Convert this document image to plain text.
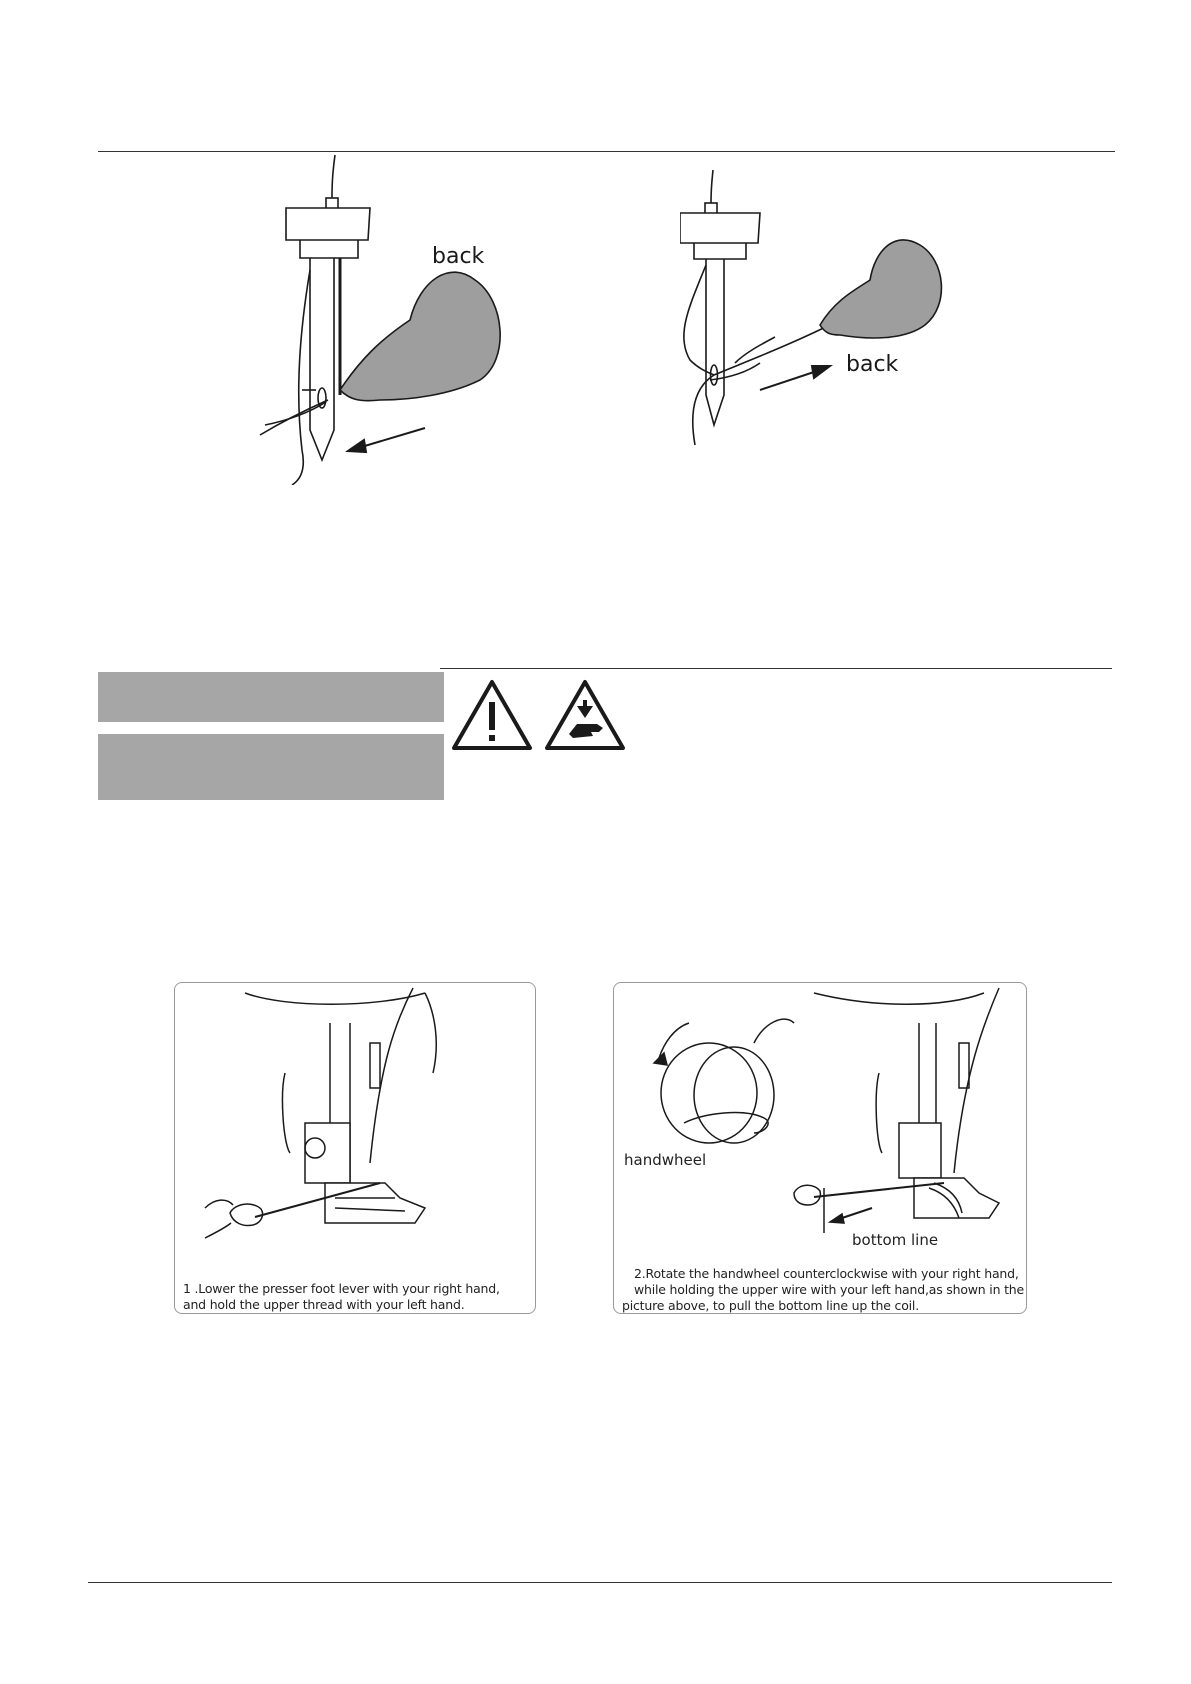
back
back
1 .Lower the presser foot lever with your right hand,
and hold the upper thread with your left hand.
handwheel
bottom line
2.Rotate the handwheel counterclockwise with your right hand,
while holding the upper wire with your left hand,as shown in the
picture above, to pull the bottom line up the coil.
